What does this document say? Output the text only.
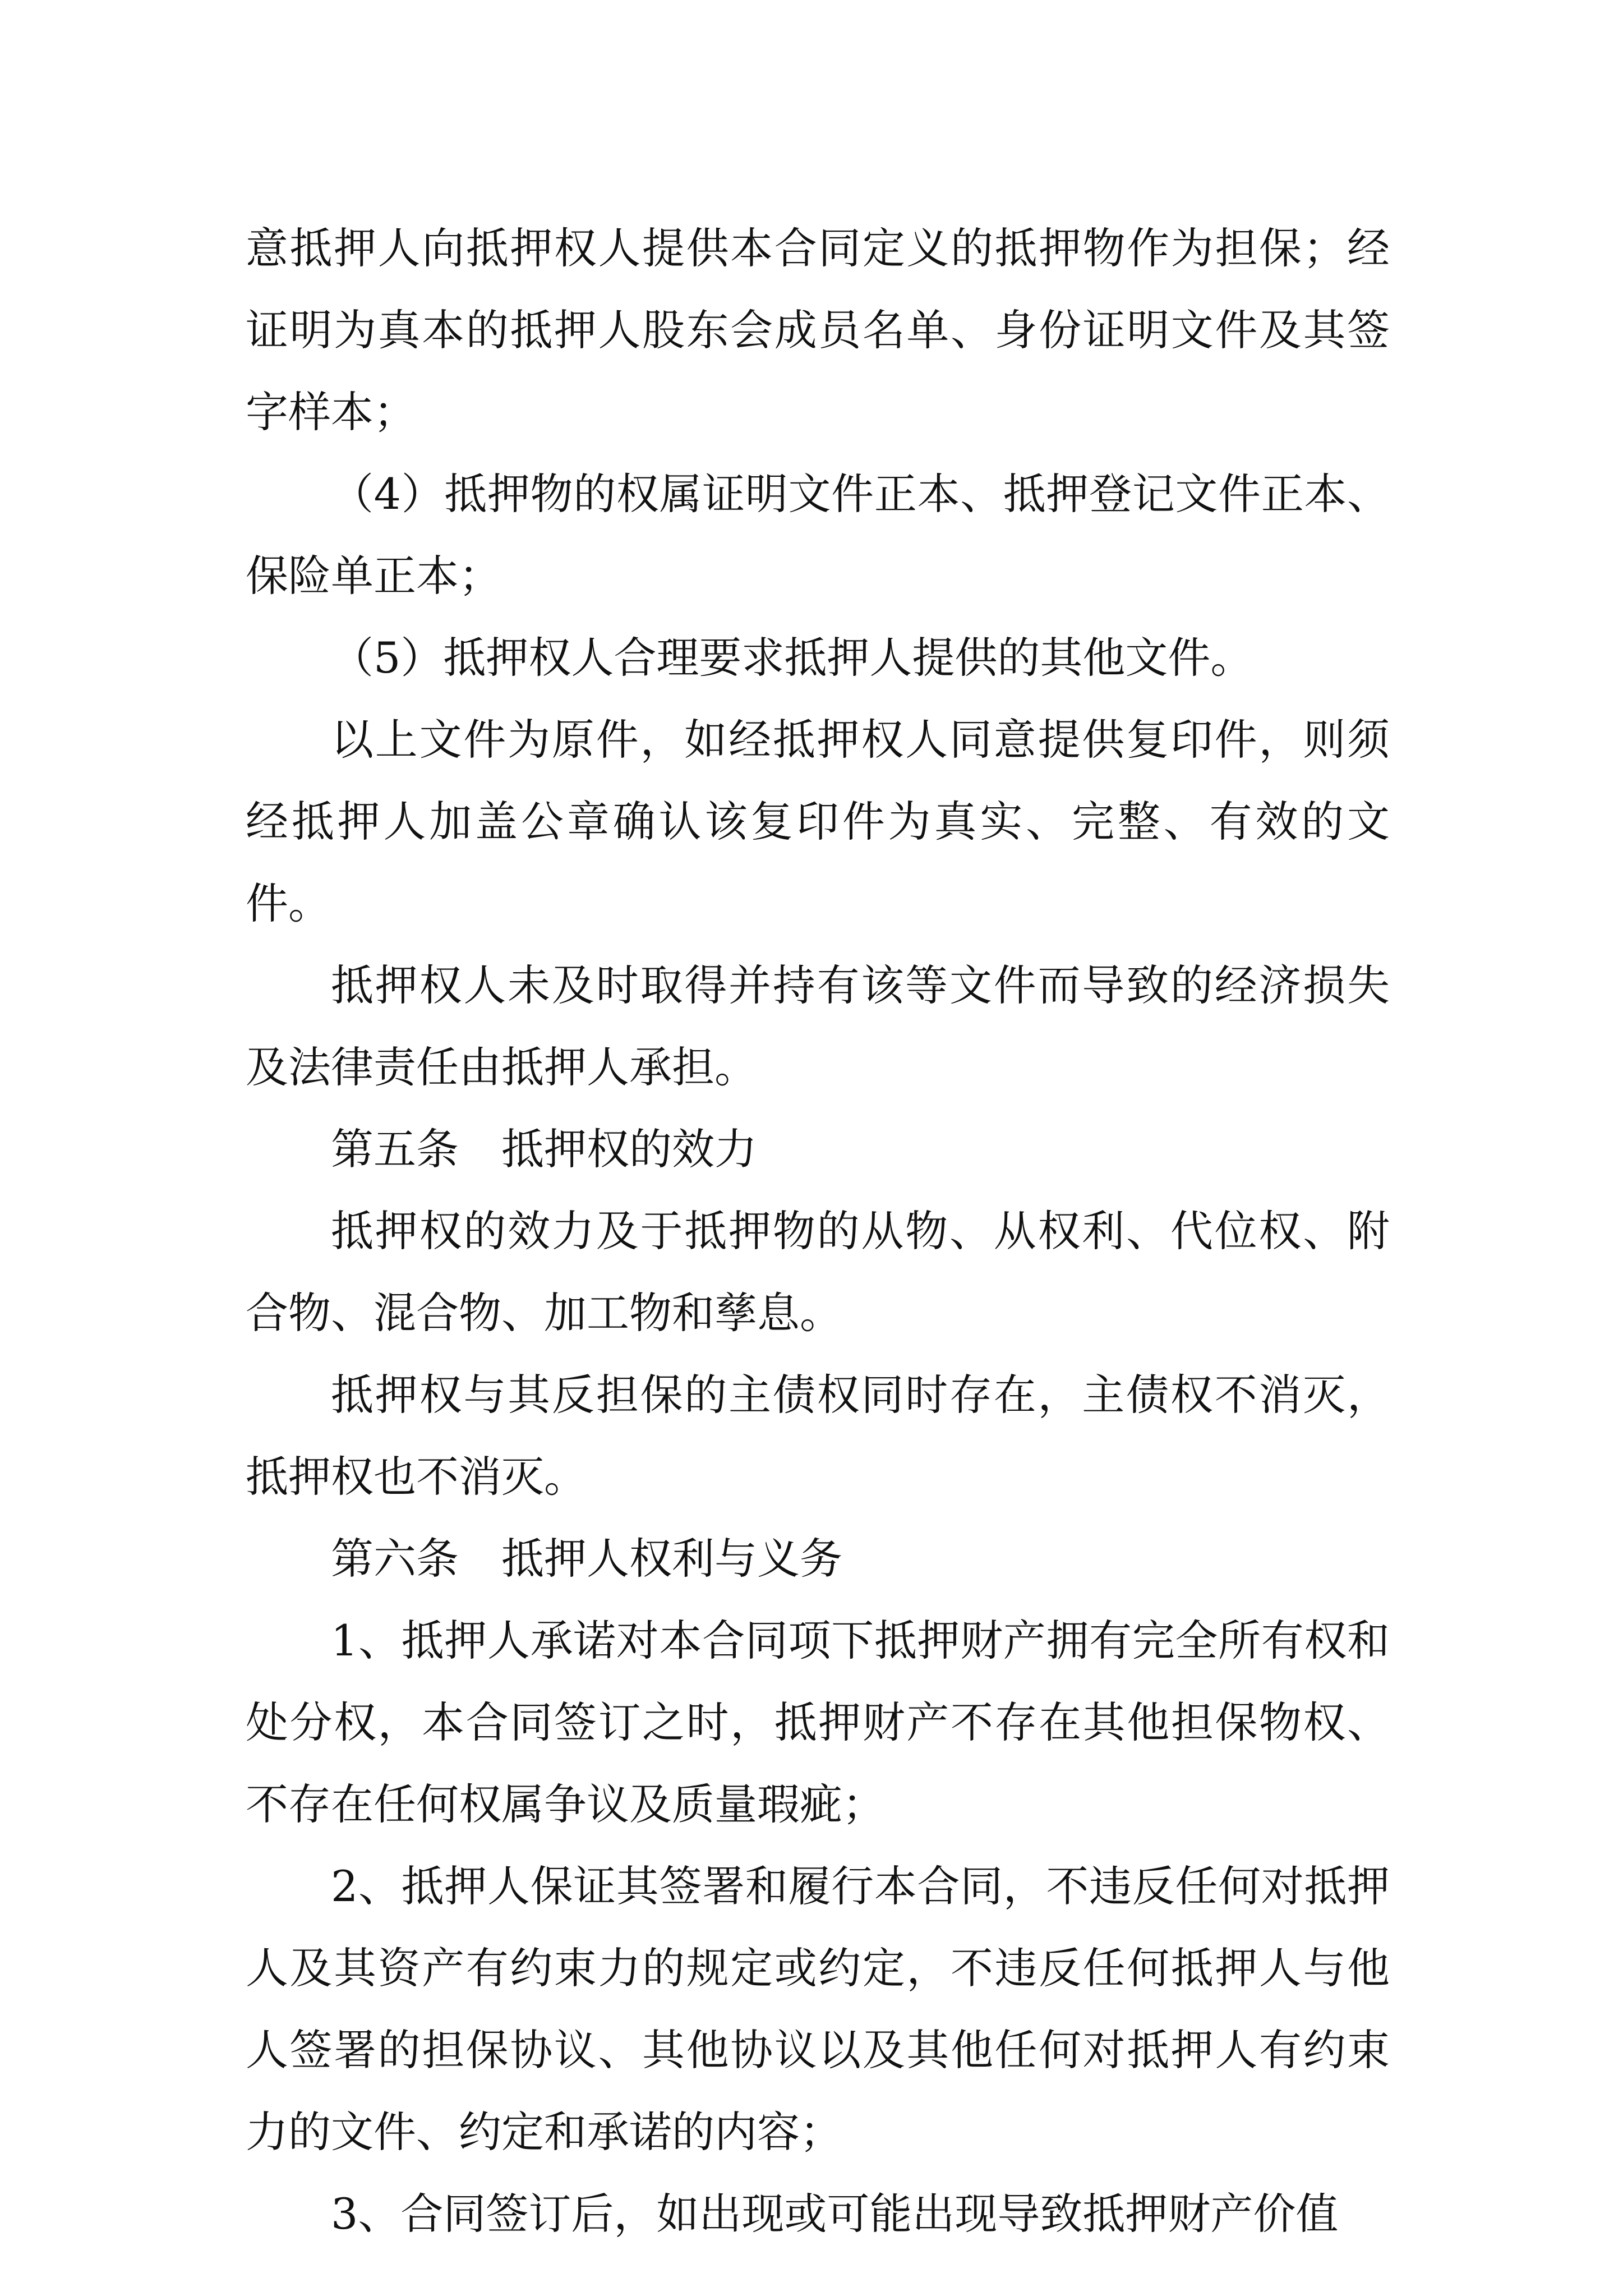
意抵押人向抵押权人提供本合同定义的抵押物作为担保；经证明为真本的抵押人股东会成员名单、身份证明文件及其签字样本；

（4）抵押物的权属证明文件正本、抵押登记文件正本、保险单正本；

（5）抵押权人合理要求抵押人提供的其他文件。

以上文件为原件，如经抵押权人同意提供复印件，则须经抵押人加盖公章确认该复印件为真实、完整、有效的文件。

抵押权人未及时取得并持有该等文件而导致的经济损失及法律责任由抵押人承担。

第五条　抵押权的效力

抵押权的效力及于抵押物的从物、从权利、代位权、附合物、混合物、加工物和孳息。

抵押权与其反担保的主债权同时存在，主债权不消灭，抵押权也不消灭。

第六条　抵押人权利与义务

1、抵押人承诺对本合同项下抵押财产拥有完全所有权和处分权，本合同签订之时，抵押财产不存在其他担保物权、不存在任何权属争议及质量瑕疵；

2、抵押人保证其签署和履行本合同，不违反任何对抵押人及其资产有约束力的规定或约定，不违反任何抵押人与他人签署的担保协议、其他协议以及其他任何对抵押人有约束力的文件、约定和承诺的内容；

3、合同签订后，如出现或可能出现导致抵押财产价值
